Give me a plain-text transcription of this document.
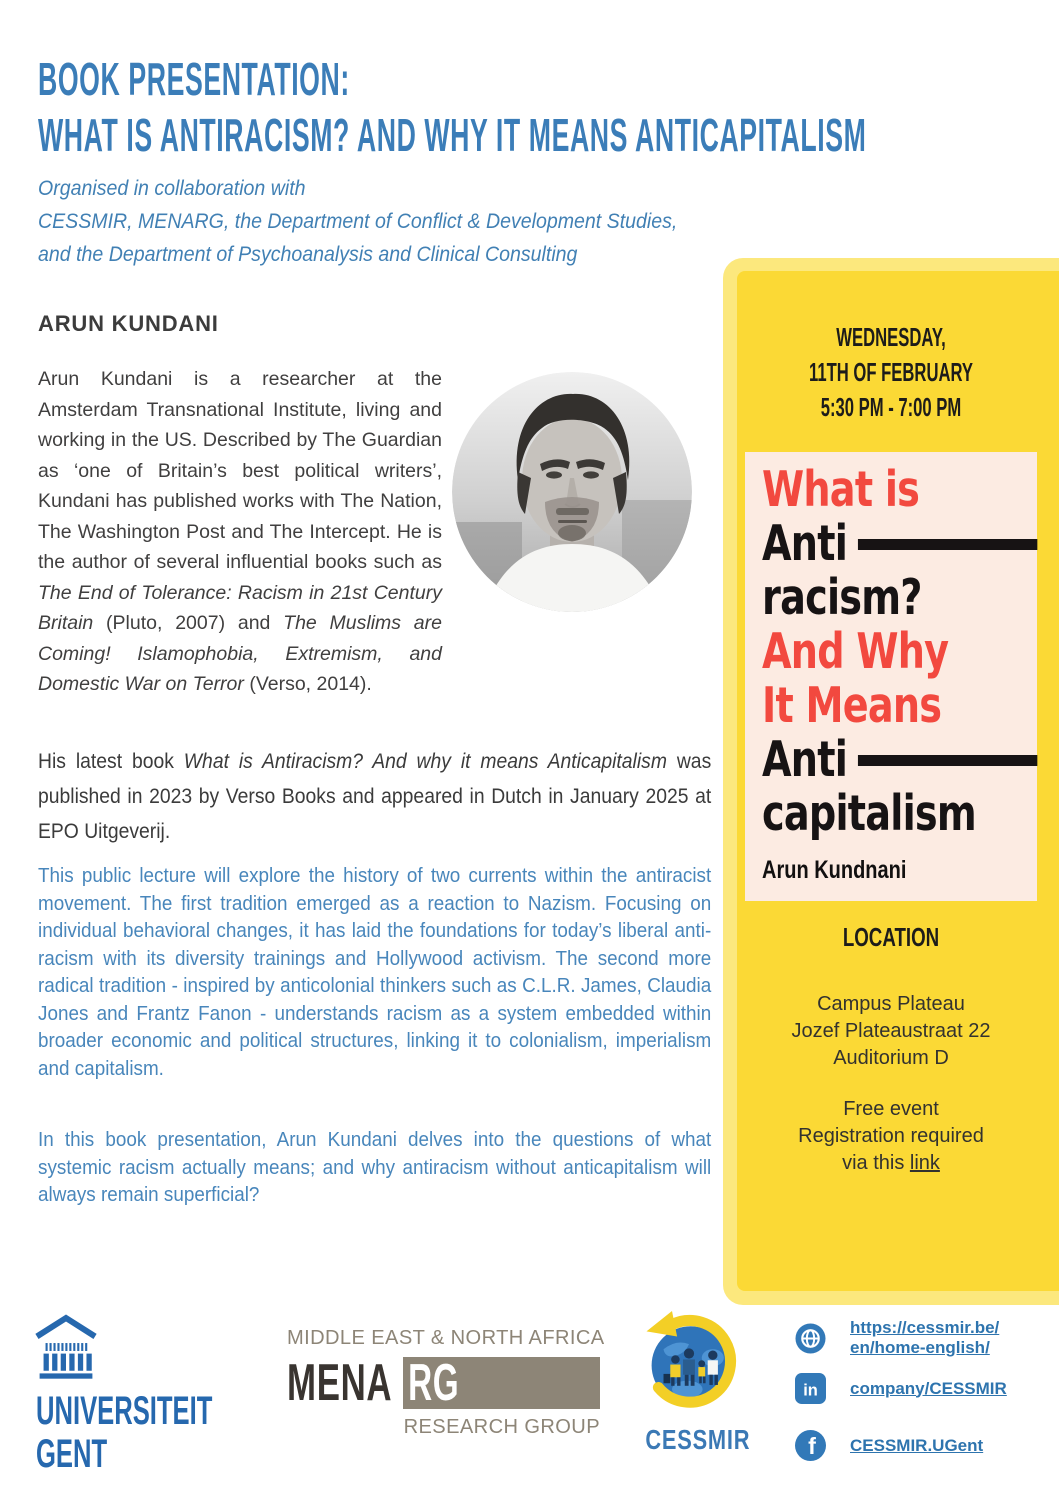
BOOK PRESENTATION:
WHAT IS ANTIRACISM? AND WHY IT MEANS ANTICAPITALISM
Organised in collaboration with
CESSMIR, MENARG, the Department of Conflict & Development Studies,
and the Department of Psychoanalysis and Clinical Consulting
ARUN KUNDANI
Arun Kundani is a researcher at the Amsterdam Transnational Institute, living and working in the US. Described by The Guardian as ‘one of Britain’s best political writers’, Kundani has published works with The Nation, The Washington Post and The Intercept. He is the author of several influential books such as The End of Tolerance: Racism in 21st Century Britain (Pluto, 2007) and The Muslims are Coming! Islamophobia, Extremism, and Domestic War on Terror (Verso, 2014).
His latest book What is Antiracism? And why it means Anticapitalism was published in 2023 by Verso Books and appeared in Dutch in January 2025 at EPO Uitgeverij.
This public lecture will explore the history of two currents within the antiracist movement. The first tradition emerged as a reaction to Nazism. Focusing on individual behavioral changes, it has laid the foundations for today’s liberal anti-racism with its diversity trainings and Hollywood activism. The second more radical tradition - inspired by anticolonial thinkers such as C.L.R. James, Claudia Jones and Frantz Fanon - understands racism as a system embedded within broader economic and political structures, linking it to colonialism, imperialism and capitalism.
In this book presentation, Arun Kundani delves into the questions of what systemic racism actually means; and why antiracism without anticapitalism will always remain superficial?
WEDNESDAY,
11TH OF FEBRUARY
5:30 PM - 7:00 PM
What is
Anti
racism?
And Why
It Means
Anti
capitalism
Arun Kundnani
LOCATION
Campus Plateau
Jozef Plateaustraat 22
Auditorium D
Free event
Registration required
via this link
UNIVERSITEIT
GENT
MIDDLE EAST & NORTH AFRICA
MENA RG
RESEARCH GROUP CESSMIR
https://cessmir.be/
en/home-english/
in company/CESSMIR
f CESSMIR.UGent
